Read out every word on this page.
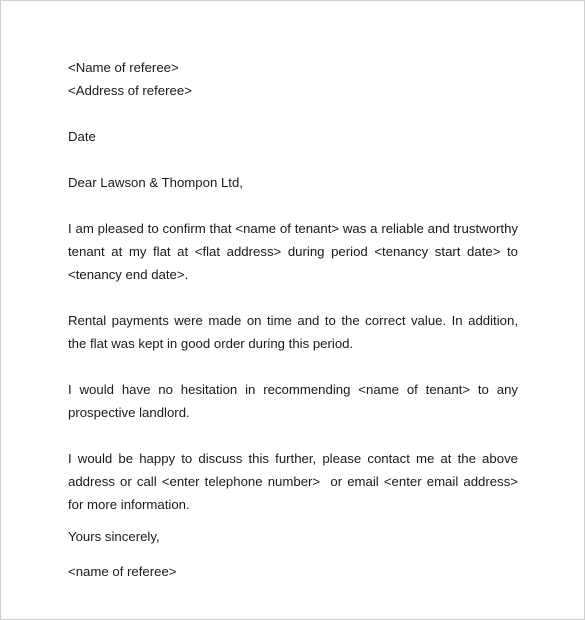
<Name of referee>
<Address of referee>
Date
Dear Lawson & Thompon Ltd,
I am pleased to confirm that <name of tenant> was a reliable and trustworthy
tenant at my flat at <flat address> during period <tenancy start date> to
<tenancy end date>.
Rental payments were made on time and to the correct value. In addition,
the flat was kept in good order during this period.
I would have no hesitation in recommending <name of tenant> to any
prospective landlord.
I would be happy to discuss this further, please contact me at the above
address or call <enter telephone number>  or email <enter email address>
for more information.
Yours sincerely,
<name of referee>
